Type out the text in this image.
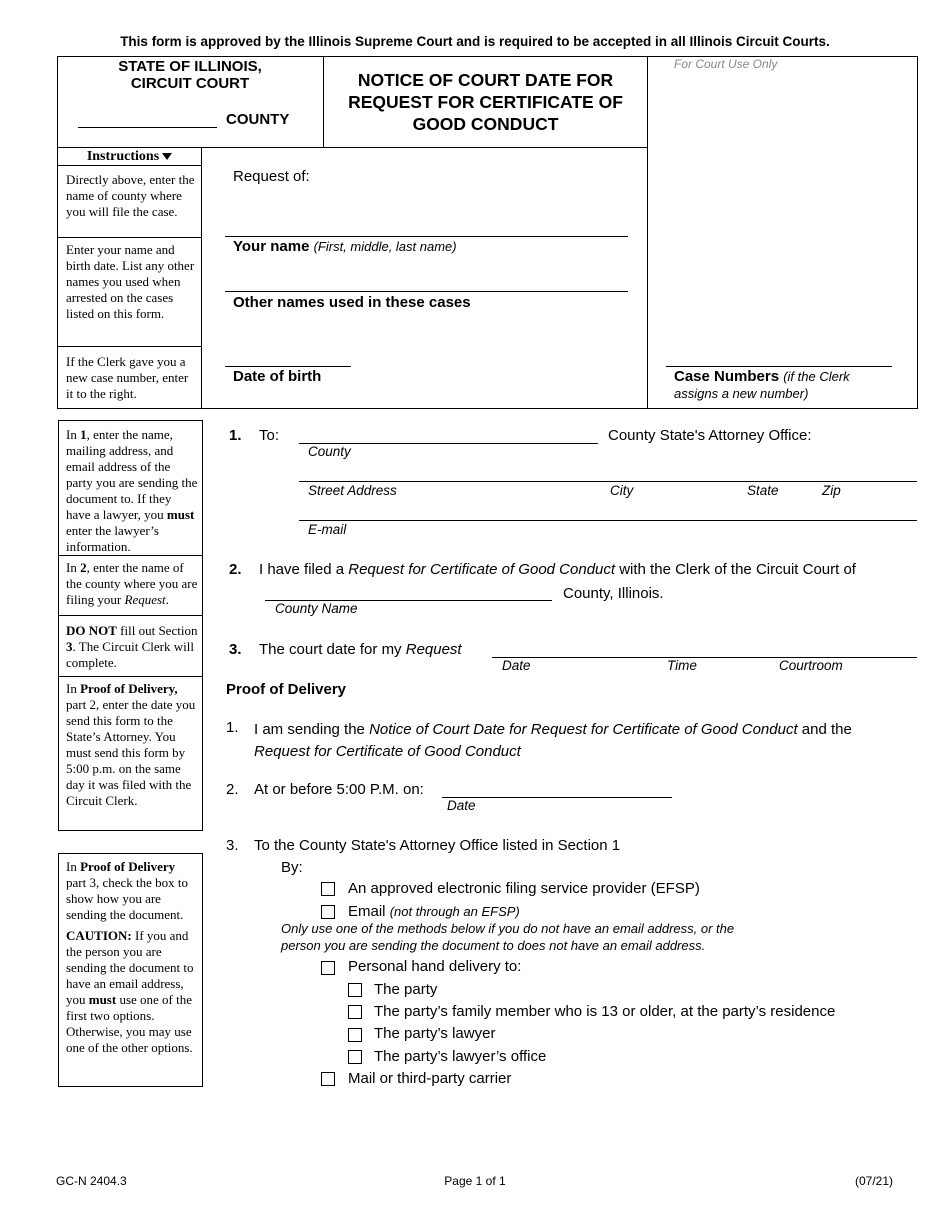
This form is approved by the Illinois Supreme Court and is required to be accepted in all Illinois Circuit Courts.
STATE OF ILLINOIS,
CIRCUIT COURT
COUNTY
NOTICE OF COURT DATE FOR
REQUEST FOR CERTIFICATE OF
GOOD CONDUCT
For Court Use Only
Instructions
Directly above, enter the name of county where you will file the case.
Enter your name and birth date. List any other names you used when arrested on the cases listed on this form.
If the Clerk gave you a new case number, enter it to the right.
Request of:
Your name (First, middle, last name)
Other names used in these cases
Date of birth	Case Numbers (if the Clerk
assigns a new number)
In 1, enter the name, mailing address, and email address of the party you are sending the document to. If they have a lawyer, you must enter the lawyer’s information.
In 2, enter the name of the county where you are filing your Request.
DO NOT fill out Section 3. The Circuit Clerk will complete.
In Proof of Delivery, part 2, enter the date you send this form to the State’s Attorney. You must send this form by 5:00 p.m. on the same day it was filed with the Circuit Clerk.
In Proof of Delivery part 3, check the box to show how you are sending the document.
CAUTION: If you and the person you are sending the document to have an email address, you must use one of the first two options. Otherwise, you may use one of the other options.
1. To:	County State's Attorney Office:
County
Street Address	City	State	Zip
E-mail
2. I have filed a Request for Certificate of Good Conduct with the Clerk of the Circuit Court of
County, Illinois.
County Name
3. The court date for my Request
Date	Time	Courtroom
Proof of Delivery
1. I am sending the Notice of Court Date for Request for Certificate of Good Conduct and the
Request for Certificate of Good Conduct
2. At or before 5:00 P.M. on:
Date
3. To the County State's Attorney Office listed in Section 1
By:
An approved electronic filing service provider (EFSP)
Email (not through an EFSP)
Only use one of the methods below if you do not have an email address, or the
person you are sending the document to does not have an email address.
Personal hand delivery to:
The party
The party’s family member who is 13 or older, at the party’s residence
The party’s lawyer
The party’s lawyer’s office
Mail or third-party carrier
GC-N 2404.3	Page 1 of 1	(07/21)
